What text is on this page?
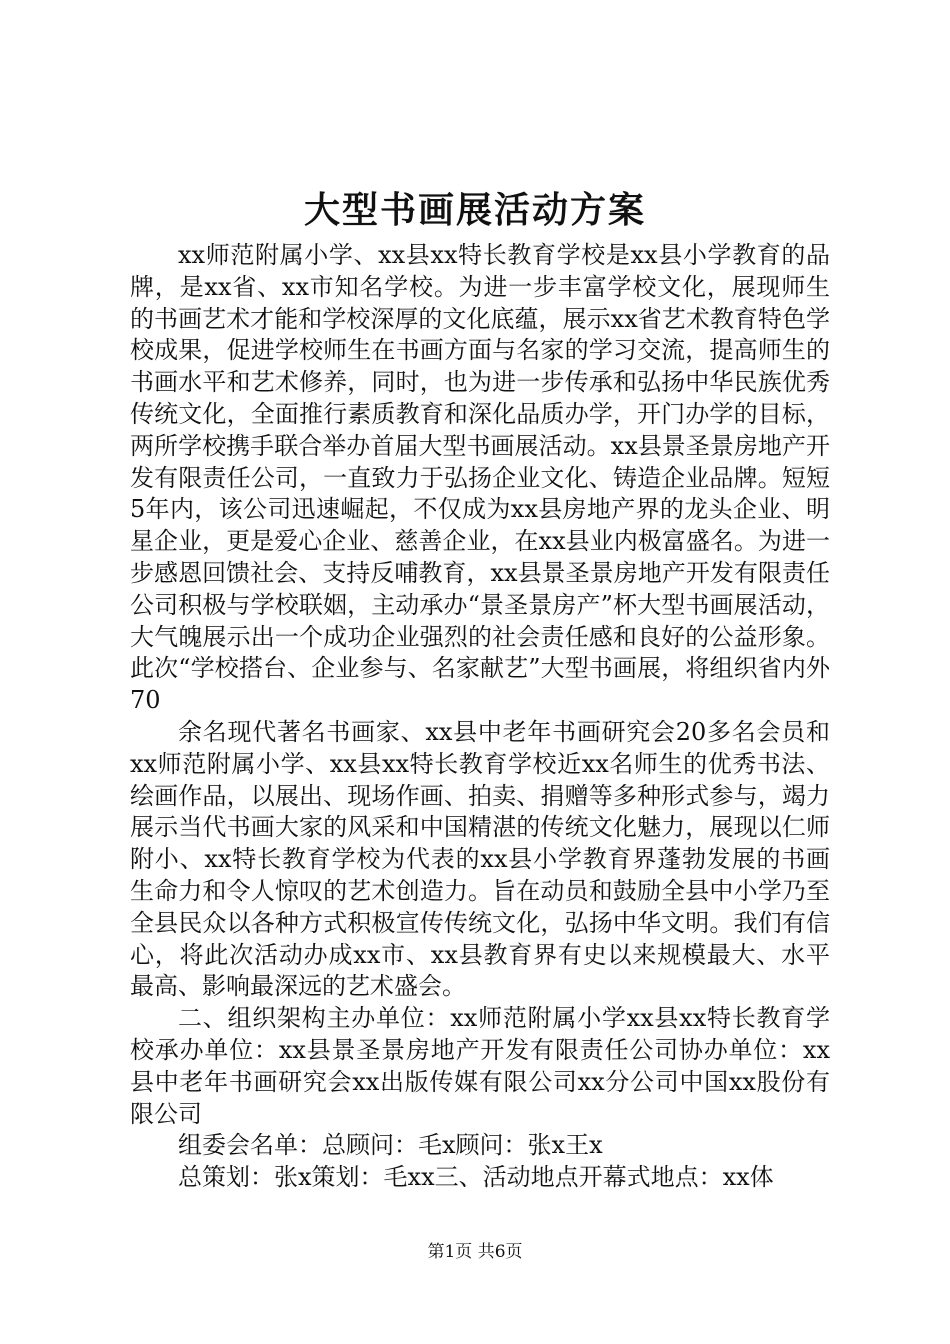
大型书画展活动方案

xx师范附属小学、xx县xx特长教育学校是xx县小学教育的品牌，是xx省、xx市知名学校。为进一步丰富学校文化，展现师生的书画艺术才能和学校深厚的文化底蕴，展示xx省艺术教育特色学校成果，促进学校师生在书画方面与名家的学习交流，提高师生的书画水平和艺术修养，同时，也为进一步传承和弘扬中华民族优秀传统文化，全面推行素质教育和深化品质办学，开门办学的目标，两所学校携手联合举办首届大型书画展活动。xx县景圣景房地产开发有限责任公司，一直致力于弘扬企业文化、铸造企业品牌。短短5年内，该公司迅速崛起，不仅成为xx县房地产界的龙头企业、明星企业，更是爱心企业、慈善企业，在xx县业内极富盛名。为进一步感恩回馈社会、支持反哺教育，xx县景圣景房地产开发有限责任公司积极与学校联姻，主动承办“景圣景房产”杯大型书画展活动，大气魄展示出一个成功企业强烈的社会责任感和良好的公益形象。此次“学校搭台、企业参与、名家献艺”大型书画展，将组织省内外70

余名现代著名书画家、xx县中老年书画研究会20多名会员和xx师范附属小学、xx县xx特长教育学校近xx名师生的优秀书法、绘画作品，以展出、现场作画、拍卖、捐赠等多种形式参与，竭力展示当代书画大家的风采和中国精湛的传统文化魅力，展现以仁师附小、xx特长教育学校为代表的xx县小学教育界蓬勃发展的书画生命力和令人惊叹的艺术创造力。旨在动员和鼓励全县中小学乃至全县民众以各种方式积极宣传传统文化，弘扬中华文明。我们有信心，将此次活动办成xx市、xx县教育界有史以来规模最大、水平最高、影响最深远的艺术盛会。

二、组织架构主办单位：xx师范附属小学xx县xx特长教育学校承办单位：xx县景圣景房地产开发有限责任公司协办单位：xx县中老年书画研究会xx出版传媒有限公司xx分公司中国xx股份有限公司

组委会名单：总顾问：毛x顾问：张x王x

总策划：张x策划：毛xx三、活动地点开幕式地点：xx体

第1页 共6页
